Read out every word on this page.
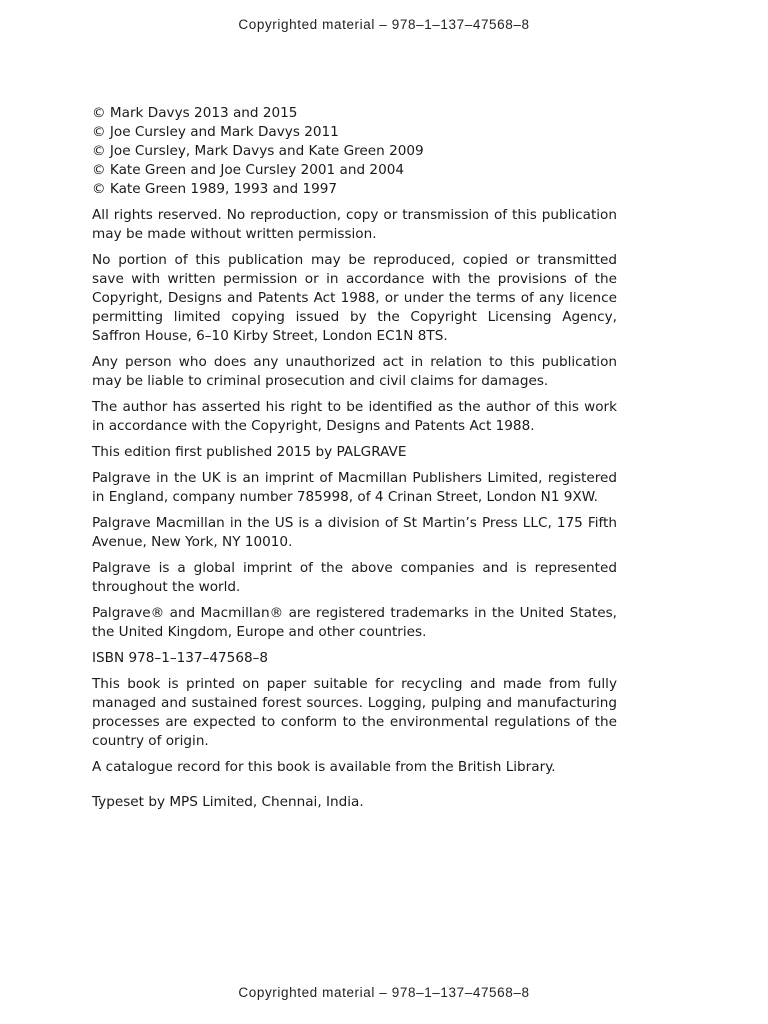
Copyrighted material – 978–1–137–47568–8
© Mark Davys 2013 and 2015
© Joe Cursley and Mark Davys 2011
© Joe Cursley, Mark Davys and Kate Green 2009
© Kate Green and Joe Cursley 2001 and 2004
© Kate Green 1989, 1993 and 1997

All rights reserved. No reproduction, copy or transmission of this publication may be made without written permission.

No portion of this publication may be reproduced, copied or transmitted save with written permission or in accordance with the provisions of the Copyright, Designs and Patents Act 1988, or under the terms of any licence permitting limited copying issued by the Copyright Licensing Agency, Saffron House, 6–10 Kirby Street, London EC1N 8TS.

Any person who does any unauthorized act in relation to this publication may be liable to criminal prosecution and civil claims for damages.

The author has asserted his right to be identified as the author of this work in accordance with the Copyright, Designs and Patents Act 1988.

This edition first published 2015 by PALGRAVE

Palgrave in the UK is an imprint of Macmillan Publishers Limited, registered in England, company number 785998, of 4 Crinan Street, London N1 9XW.

Palgrave Macmillan in the US is a division of St Martin’s Press LLC, 175 Fifth Avenue, New York, NY 10010.

Palgrave is a global imprint of the above companies and is represented throughout the world.

Palgrave® and Macmillan® are registered trademarks in the United States, the United Kingdom, Europe and other countries.

ISBN 978–1–137–47568–8

This book is printed on paper suitable for recycling and made from fully managed and sustained forest sources. Logging, pulping and manufacturing processes are expected to conform to the environmental regulations of the country of origin.

A catalogue record for this book is available from the British Library.

Typeset by MPS Limited, Chennai, India.

Copyrighted material – 978–1–137–47568–8
